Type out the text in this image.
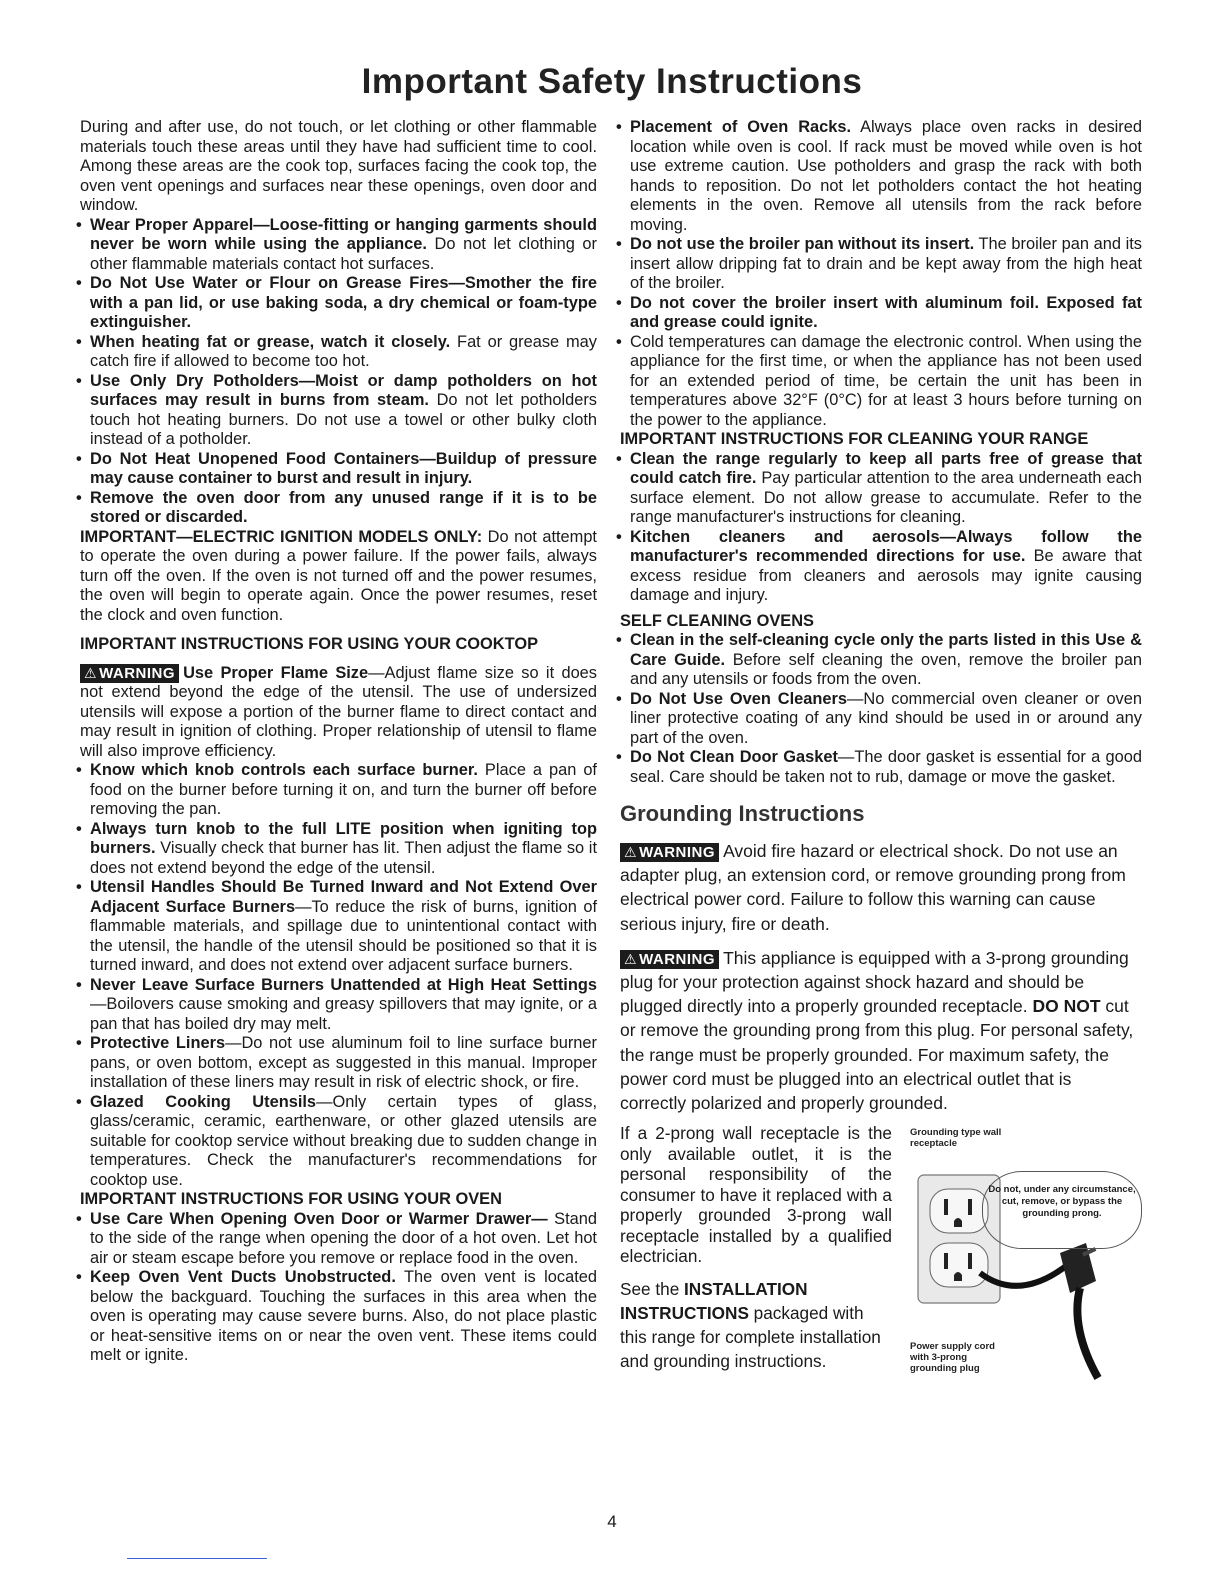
Important Safety Instructions

During and after use, do not touch, or let clothing or other flammable materials touch these areas until they have had sufficient time to cool. Among these areas are the cook top, surfaces facing the cook top, the oven vent openings and surfaces near these openings, oven door and window.

• Wear Proper Apparel—Loose-fitting or hanging garments should never be worn while using the appliance. Do not let clothing or other flammable materials contact hot surfaces.

• Do Not Use Water or Flour on Grease Fires—Smother the fire with a pan lid, or use baking soda, a dry chemical or foam-type extinguisher.

• When heating fat or grease, watch it closely. Fat or grease may catch fire if allowed to become too hot.

• Use Only Dry Potholders—Moist or damp potholders on hot surfaces may result in burns from steam. Do not let potholders touch hot heating burners. Do not use a towel or other bulky cloth instead of a potholder.

• Do Not Heat Unopened Food Containers—Buildup of pressure may cause container to burst and result in injury.

• Remove the oven door from any unused range if it is to be stored or discarded.

IMPORTANT—ELECTRIC IGNITION MODELS ONLY: Do not attempt to operate the oven during a power failure. If the power fails, always turn off the oven. If the oven is not turned off and the power resumes, the oven will begin to operate again. Once the power resumes, reset the clock and oven function.

IMPORTANT INSTRUCTIONS FOR USING YOUR COOKTOP

⚠ WARNING Use Proper Flame Size—Adjust flame size so it does not extend beyond the edge of the utensil. The use of undersized utensils will expose a portion of the burner flame to direct contact and may result in ignition of clothing. Proper relationship of utensil to flame will also improve efficiency.

• Know which knob controls each surface burner. Place a pan of food on the burner before turning it on, and turn the burner off before removing the pan.

• Always turn knob to the full LITE position when igniting top burners. Visually check that burner has lit. Then adjust the flame so it does not extend beyond the edge of the utensil.

• Utensil Handles Should Be Turned Inward and Not Extend Over Adjacent Surface Burners—To reduce the risk of burns, ignition of flammable materials, and spillage due to unintentional contact with the utensil, the handle of the utensil should be positioned so that it is turned inward, and does not extend over adjacent surface burners.

• Never Leave Surface Burners Unattended at High Heat Settings—Boilovers cause smoking and greasy spillovers that may ignite, or a pan that has boiled dry may melt.

• Protective Liners—Do not use aluminum foil to line surface burner pans, or oven bottom, except as suggested in this manual. Improper installation of these liners may result in risk of electric shock, or fire.

• Glazed Cooking Utensils—Only certain types of glass, glass/ceramic, ceramic, earthenware, or other glazed utensils are suitable for cooktop service without breaking due to sudden change in temperatures. Check the manufacturer's recommendations for cooktop use.

IMPORTANT INSTRUCTIONS FOR USING YOUR OVEN

• Use Care When Opening Oven Door or Warmer Drawer— Stand to the side of the range when opening the door of a hot oven. Let hot air or steam escape before you remove or replace food in the oven.

• Keep Oven Vent Ducts Unobstructed. The oven vent is located below the backguard. Touching the surfaces in this area when the oven is operating may cause severe burns. Also, do not place plastic or heat-sensitive items on or near the oven vent. These items could melt or ignite.

• Placement of Oven Racks. Always place oven racks in desired location while oven is cool. If rack must be moved while oven is hot use extreme caution. Use potholders and grasp the rack with both hands to reposition. Do not let potholders contact the hot heating elements in the oven. Remove all utensils from the rack before moving.

• Do not use the broiler pan without its insert. The broiler pan and its insert allow dripping fat to drain and be kept away from the high heat of the broiler.

• Do not cover the broiler insert with aluminum foil. Exposed fat and grease could ignite.

• Cold temperatures can damage the electronic control. When using the appliance for the first time, or when the appliance has not been used for an extended period of time, be certain the unit has been in temperatures above 32°F (0°C) for at least 3 hours before turning on the power to the appliance.

IMPORTANT INSTRUCTIONS FOR CLEANING YOUR RANGE

• Clean the range regularly to keep all parts free of grease that could catch fire. Pay particular attention to the area underneath each surface element. Do not allow grease to accumulate. Refer to the range manufacturer's instructions for cleaning.

• Kitchen cleaners and aerosols—Always follow the manufacturer's recommended directions for use. Be aware that excess residue from cleaners and aerosols may ignite causing damage and injury.

SELF CLEANING OVENS

• Clean in the self-cleaning cycle only the parts listed in this Use & Care Guide. Before self cleaning the oven, remove the broiler pan and any utensils or foods from the oven.

• Do Not Use Oven Cleaners—No commercial oven cleaner or oven liner protective coating of any kind should be used in or around any part of the oven.

• Do Not Clean Door Gasket—The door gasket is essential for a good seal. Care should be taken not to rub, damage or move the gasket.

Grounding Instructions

⚠ WARNING Avoid fire hazard or electrical shock. Do not use an adapter plug, an extension cord, or remove grounding prong from electrical power cord. Failure to follow this warning can cause serious injury, fire or death.

⚠ WARNING This appliance is equipped with a 3-prong grounding plug for your protection against shock hazard and should be plugged directly into a properly grounded receptacle. DO NOT cut or remove the grounding prong from this plug. For personal safety, the range must be properly grounded. For maximum safety, the power cord must be plugged into an electrical outlet that is correctly polarized and properly grounded.

If a 2-prong wall receptacle is the only available outlet, it is the personal responsibility of the consumer to have it replaced with a properly grounded 3-prong wall receptacle installed by a qualified electrician.

See the INSTALLATION INSTRUCTIONS packaged with this range for complete installation and grounding instructions.

Grounding type wall receptacle
Do not, under any circumstance, cut, remove, or bypass the grounding prong.
Power supply cord with 3-prong grounding plug

4
